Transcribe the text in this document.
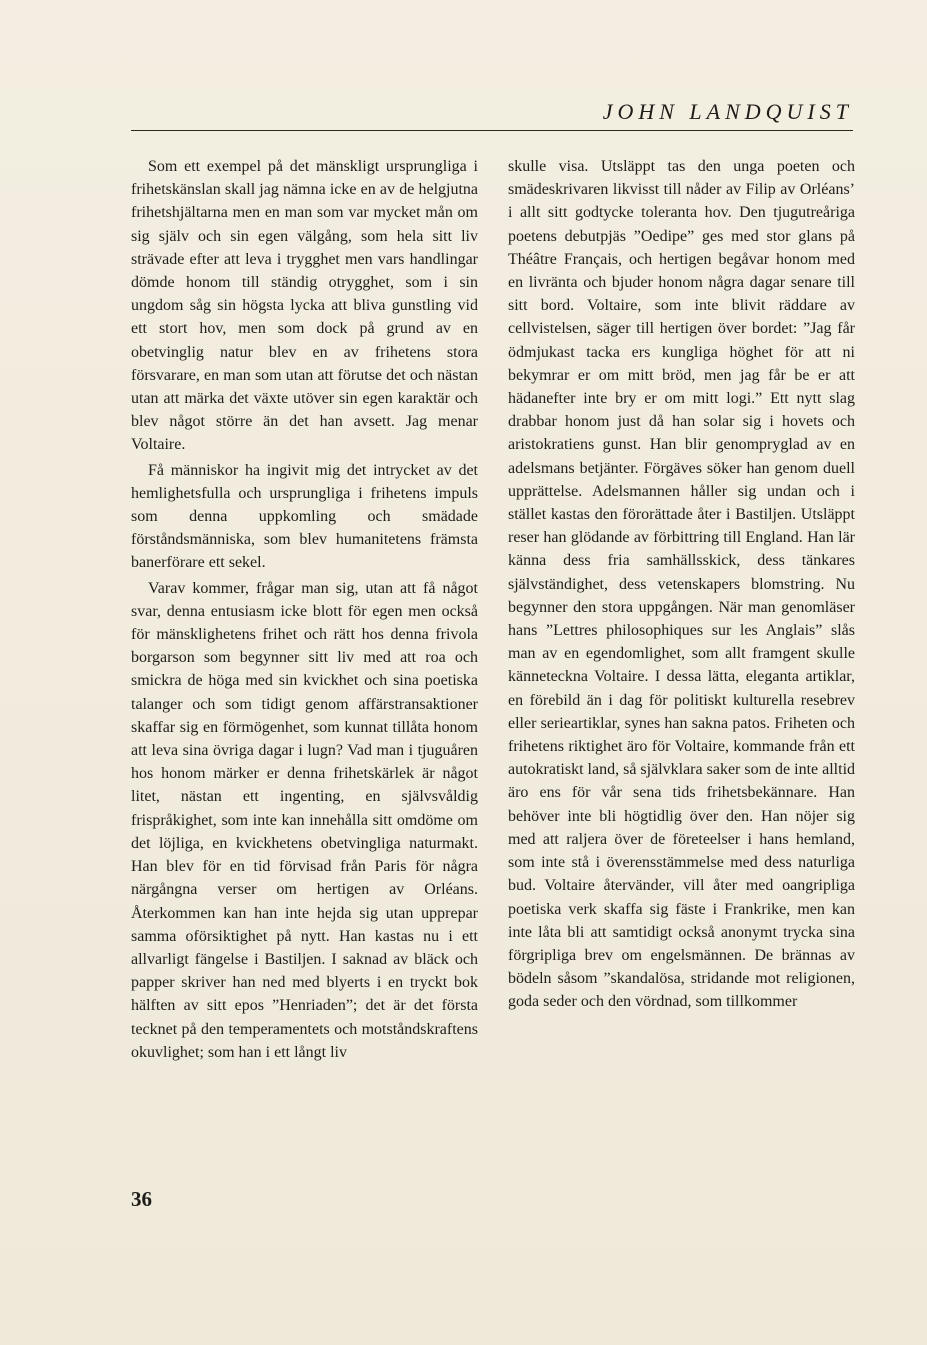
JOHN LANDQUIST

Som ett exempel på det mänskligt ursprungliga i frihetskänslan skall jag nämna icke en av de helgjutna frihetshjältarna men en man som var mycket mån om sig själv och sin egen välgång, som hela sitt liv strävade efter att leva i trygghet men vars handlingar dömde honom till ständig otrygghet, som i sin ungdom såg sin högsta lycka att bliva gunstling vid ett stort hov, men som dock på grund av en obetvinglig natur blev en av frihetens stora försvarare, en man som utan att förutse det och nästan utan att märka det växte utöver sin egen karaktär och blev något större än det han avsett. Jag menar Voltaire.

Få människor ha ingivit mig det intrycket av det hemlighetsfulla och ursprungliga i frihetens impuls som denna uppkomling och smädade förståndsmänniska, som blev humanitetens främsta banerförare ett sekel.

Varav kommer, frågar man sig, utan att få något svar, denna entusiasm icke blott för egen men också för mänsklighetens frihet och rätt hos denna frivola borgarson som begynner sitt liv med att roa och smickra de höga med sin kvickhet och sina poetiska talanger och som tidigt genom affärstransaktioner skaffar sig en förmögenhet, som kunnat tillåta honom att leva sina övriga dagar i lugn? Vad man i tjuguåren hos honom märker er denna frihetskärlek är något litet, nästan ett ingenting, en självsvåldig frispråkighet, som inte kan innehålla sitt omdöme om det löjliga, en kvickhetens obetvingliga naturmakt. Han blev för en tid förvisad från Paris för några närgångna verser om hertigen av Orléans. Återkommen kan han inte hejda sig utan upprepar samma oförsiktighet på nytt. Han kastas nu i ett allvarligt fängelse i Bastiljen. I saknad av bläck och papper skriver han ned med blyerts i en tryckt bok hälften av sitt epos ”Henriaden”; det är det första tecknet på den temperamentets och motståndskraftens okuvlighet; som han i ett långt liv

skulle visa. Utsläppt tas den unga poeten och smädeskrivaren likvisst till nåder av Filip av Orléans’ i allt sitt godtycke toleranta hov. Den tjugutreåriga poetens debutpjäs ”Oedipe” ges med stor glans på Théâtre Français, och hertigen begåvar honom med en livränta och bjuder honom några dagar senare till sitt bord. Voltaire, som inte blivit räddare av cellvistelsen, säger till hertigen över bordet: ”Jag får ödmjukast tacka ers kungliga höghet för att ni bekymrar er om mitt bröd, men jag får be er att hädanefter inte bry er om mitt logi.” Ett nytt slag drabbar honom just då han solar sig i hovets och aristokratiens gunst. Han blir genompryglad av en adelsmans betjänter. Förgäves söker han genom duell upprättelse. Adelsmannen håller sig undan och i stället kastas den förorättade åter i Bastiljen. Utsläppt reser han glödande av förbittring till England. Han lär känna dess fria samhällsskick, dess tänkares självständighet, dess vetenskapers blomstring. Nu begynner den stora uppgången. När man genomläser hans ”Lettres philosophiques sur les Anglais” slås man av en egendomlighet, som allt framgent skulle känneteckna Voltaire. I dessa lätta, eleganta artiklar, en förebild än i dag för politiskt kulturella resebrev eller serieartiklar, synes han sakna patos. Friheten och frihetens riktighet äro för Voltaire, kommande från ett autokratiskt land, så självklara saker som de inte alltid äro ens för vår sena tids frihetsbekännare. Han behöver inte bli högtidlig över den. Han nöjer sig med att raljera över de företeelser i hans hemland, som inte stå i överensstämmelse med dess naturliga bud. Voltaire återvänder, vill åter med oangripliga poetiska verk skaffa sig fäste i Frankrike, men kan inte låta bli att samtidigt också anonymt trycka sina förgripliga brev om engelsmännen. De brännas av bödeln såsom ”skandalösa, stridande mot religionen, goda seder och den vördnad, som tillkommer

36
